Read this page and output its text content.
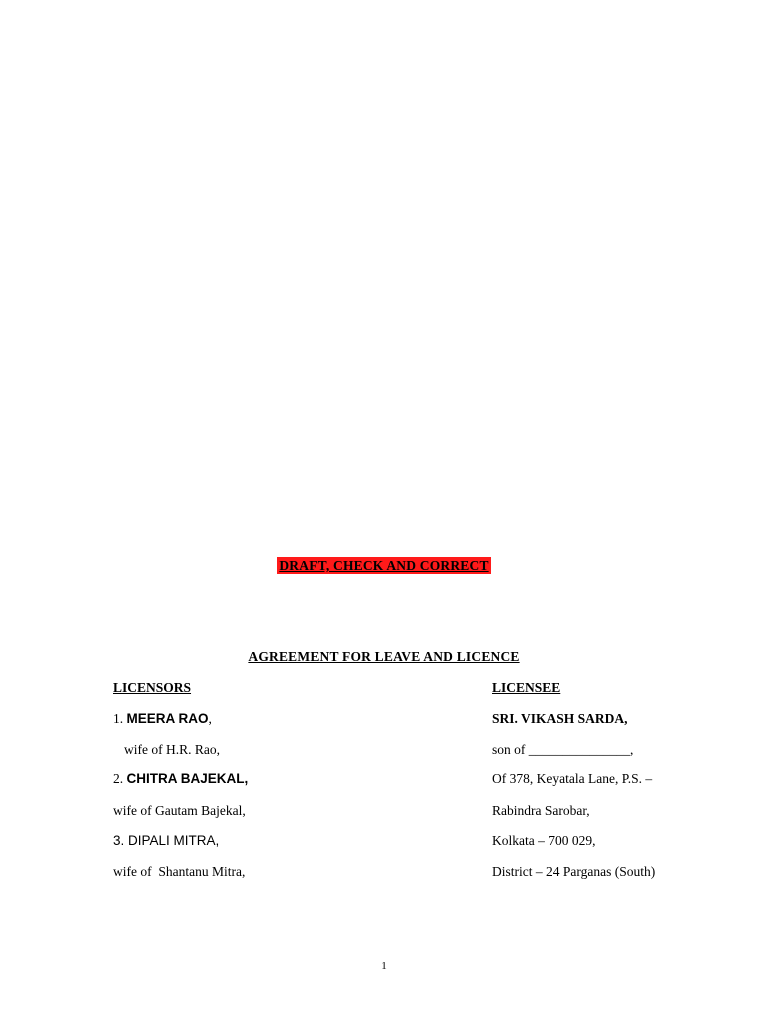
DRAFT, CHECK AND CORRECT
AGREEMENT FOR LEAVE AND LICENCE
LICENSORS
1. MEERA RAO,
wife of H.R. Rao,
2. CHITRA BAJEKAL,
wife of Gautam Bajekal,
3. DIPALI MITRA,
wife of  Shantanu Mitra,
LICENSEE
SRI. VIKASH SARDA,
son of _______________,
Of 378, Keyatala Lane, P.S. –
Rabindra Sarobar,
Kolkata – 700 029,
District – 24 Parganas (South)
1
